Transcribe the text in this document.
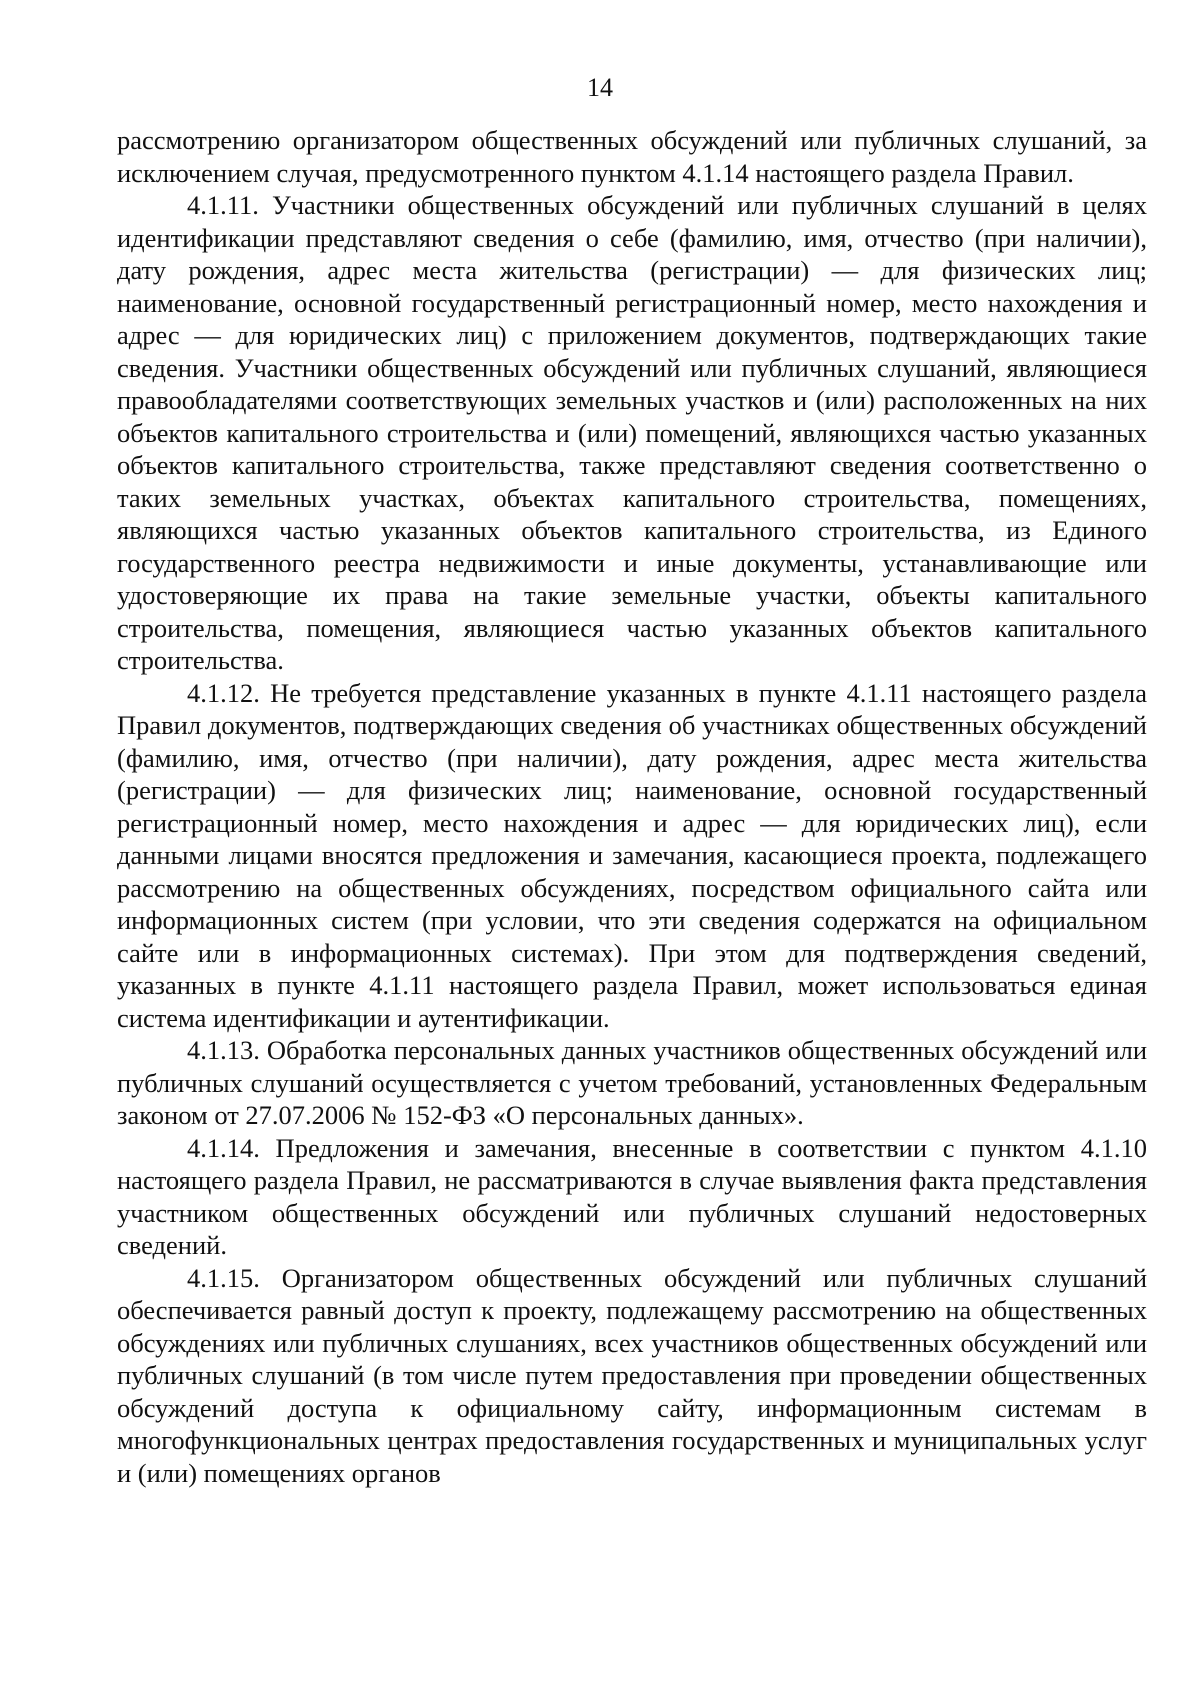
14

рассмотрению организатором общественных обсуждений или публичных слушаний, за исключением случая, предусмотренного пунктом 4.1.14 настоящего раздела Правил.

4.1.11. Участники общественных обсуждений или публичных слушаний в целях идентификации представляют сведения о себе (фамилию, имя, отчество (при наличии), дату рождения, адрес места жительства (регистрации) — для физических лиц; наименование, основной государственный регистрационный номер, место нахождения и адрес — для юридических лиц) с приложением документов, подтверждающих такие сведения. Участники общественных обсуждений или публичных слушаний, являющиеся правообладателями соответствующих земельных участков и (или) расположенных на них объектов капитального строительства и (или) помещений, являющихся частью указанных объектов капитального строительства, также представляют сведения соответственно о таких земельных участках, объектах капитального строительства, помещениях, являющихся частью указанных объектов капитального строительства, из Единого государственного реестра недвижимости и иные документы, устанавливающие или удостоверяющие их права на такие земельные участки, объекты капитального строительства, помещения, являющиеся частью указанных объектов капитального строительства.

4.1.12. Не требуется представление указанных в пункте 4.1.11 настоящего раздела Правил документов, подтверждающих сведения об участниках общественных обсуждений (фамилию, имя, отчество (при наличии), дату рождения, адрес места жительства (регистрации) — для физических лиц; наименование, основной государственный регистрационный номер, место нахождения и адрес — для юридических лиц), если данными лицами вносятся предложения и замечания, касающиеся проекта, подлежащего рассмотрению на общественных обсуждениях, посредством официального сайта или информационных систем (при условии, что эти сведения содержатся на официальном сайте или в информационных системах). При этом для подтверждения сведений, указанных в пункте 4.1.11 настоящего раздела Правил, может использоваться единая система идентификации и аутентификации.

4.1.13. Обработка персональных данных участников общественных обсуждений или публичных слушаний осуществляется с учетом требований, установленных Федеральным законом от 27.07.2006 № 152-ФЗ «О персональных данных».

4.1.14. Предложения и замечания, внесенные в соответствии с пунктом 4.1.10 настоящего раздела Правил, не рассматриваются в случае выявления факта представления участником общественных обсуждений или публичных слушаний недостоверных сведений.

4.1.15. Организатором общественных обсуждений или публичных слушаний обеспечивается равный доступ к проекту, подлежащему рассмотрению на общественных обсуждениях или публичных слушаниях, всех участников общественных обсуждений или публичных слушаний (в том числе путем предоставления при проведении общественных обсуждений доступа к официальному сайту, информационным системам в многофункциональных центрах предоставления государственных и муниципальных услуг и (или) помещениях органов
